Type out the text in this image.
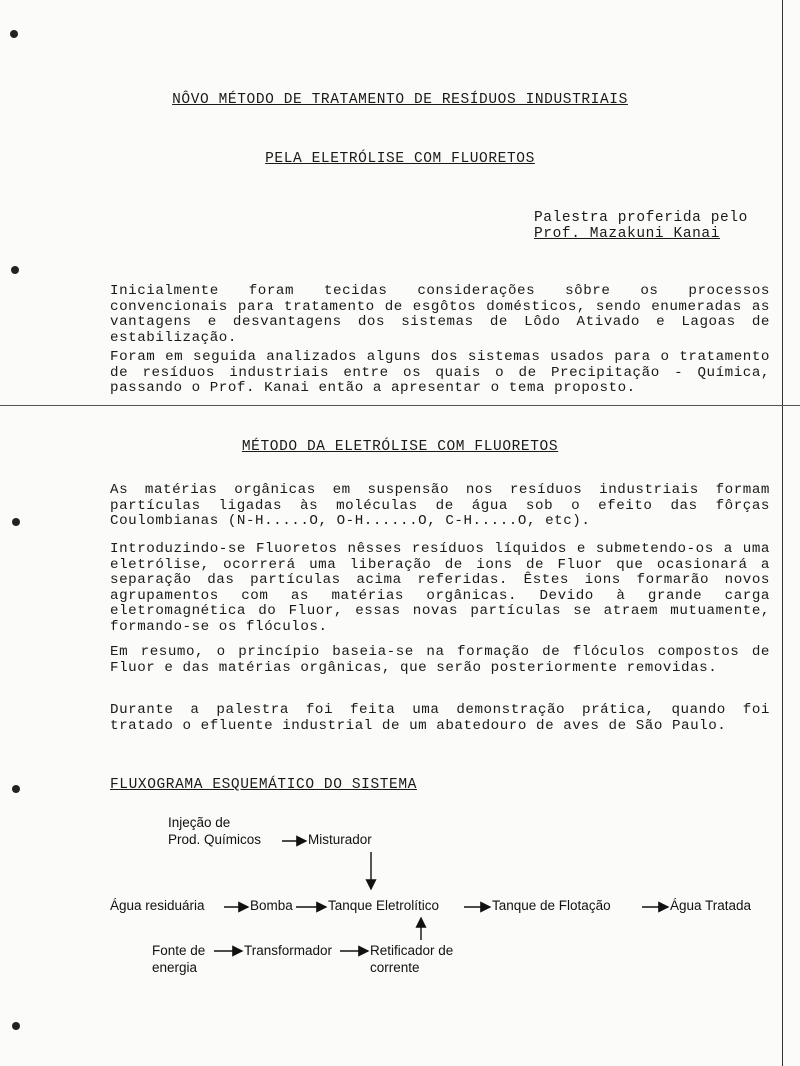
NÔVO MÉTODO DE TRATAMENTO DE RESÍDUOS INDUSTRIAIS
PELA ELETRÓLISE COM FLUORETOS
Palestra proferida pelo
Prof. Mazakuni Kanai
Inicialmente foram tecidas considerações sôbre os processos convencionais para tratamento de esgôtos domésticos, sendo enumeradas as vantagens e desvantagens dos sistemas de Lôdo Ativado e Lagoas de estabilização.
Foram em seguida analizados alguns dos sistemas usados para o tratamento de resíduos industriais entre os quais o de Precipitação - Química, passando o Prof. Kanai então a apresentar o tema proposto.
MÉTODO DA ELETRÓLISE COM FLUORETOS
As matérias orgânicas em suspensão nos resíduos industriais formam partículas ligadas às moléculas de água sob o efeito das fôrças Coulombianas (N-H.....O, O-H......O, C-H.....O, etc).
Introduzindo-se Fluoretos nêsses resíduos líquidos e submetendo-os a uma eletrólise, ocorrerá uma liberação de ions de Fluor que ocasionará a separação das partículas acima referidas. Êstes ions formarão novos agrupamentos com as matérias orgânicas. Devido à grande carga eletromagnética do Fluor, essas novas partículas se atraem mutuamente, formando-se os flóculos.
Em resumo, o princípio baseia-se na formação de flóculos compostos de Fluor e das matérias orgânicas, que serão posteriormente removidas.
Durante a palestra foi feita uma demonstração prática, quando foi tratado o efluente industrial de um abatedouro de aves de São Paulo.
FLUXOGRAMA ESQUEMÁTICO DO SISTEMA
Injeção de
Prod. Químicos	Misturador
Água residuária	Bomba	Tanque Eletrolítico	Tanque de Flotação	Água Tratada
Fonte de
energia
Transformador	Retificador de
corrente
